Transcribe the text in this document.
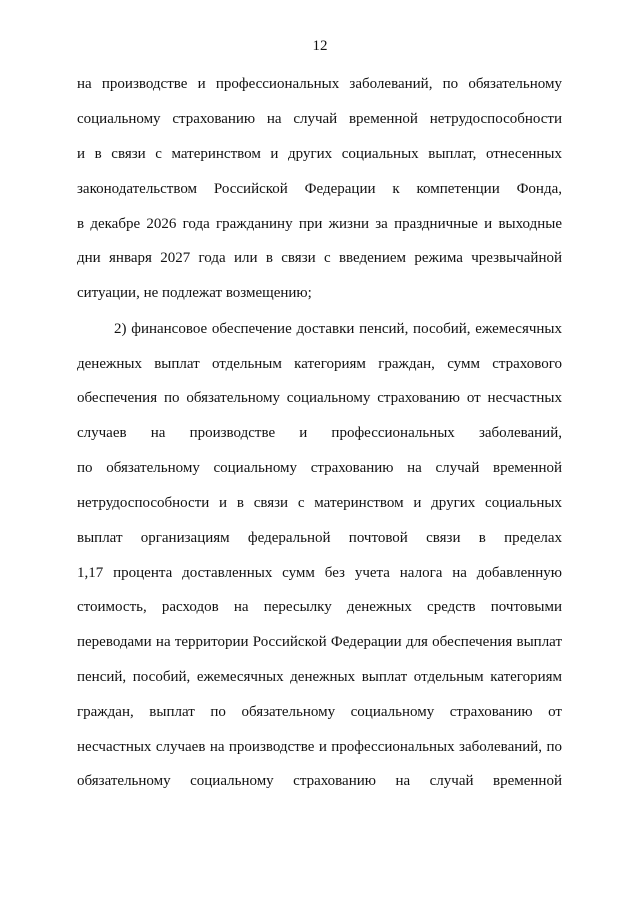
12
на производстве и профессиональных заболеваний, по обязательному
социальному страхованию на случай временной нетрудоспособности
и в связи с материнством и других социальных выплат, отнесенных
законодательством Российской Федерации к компетенции Фонда,
в декабре 2026 года гражданину при жизни за праздничные и выходные
дни января 2027 года или в связи с введением режима чрезвычайной
ситуации, не подлежат возмещению;
2) финансовое обеспечение доставки пенсий, пособий, ежемесячных
денежных выплат отдельным категориям граждан, сумм страхового
обеспечения по обязательному социальному страхованию от несчастных
случаев на производстве и профессиональных заболеваний,
по обязательному социальному страхованию на случай временной
нетрудоспособности и в связи с материнством и других социальных
выплат организациям федеральной почтовой связи в пределах
1,17 процента доставленных сумм без учета налога на добавленную
стоимость, расходов на пересылку денежных средств почтовыми
переводами на территории Российской Федерации для обеспечения выплат
пенсий, пособий, ежемесячных денежных выплат отдельным категориям
граждан, выплат по обязательному социальному страхованию от
несчастных случаев на производстве и профессиональных заболеваний, по
обязательному социальному страхованию на случай временной
